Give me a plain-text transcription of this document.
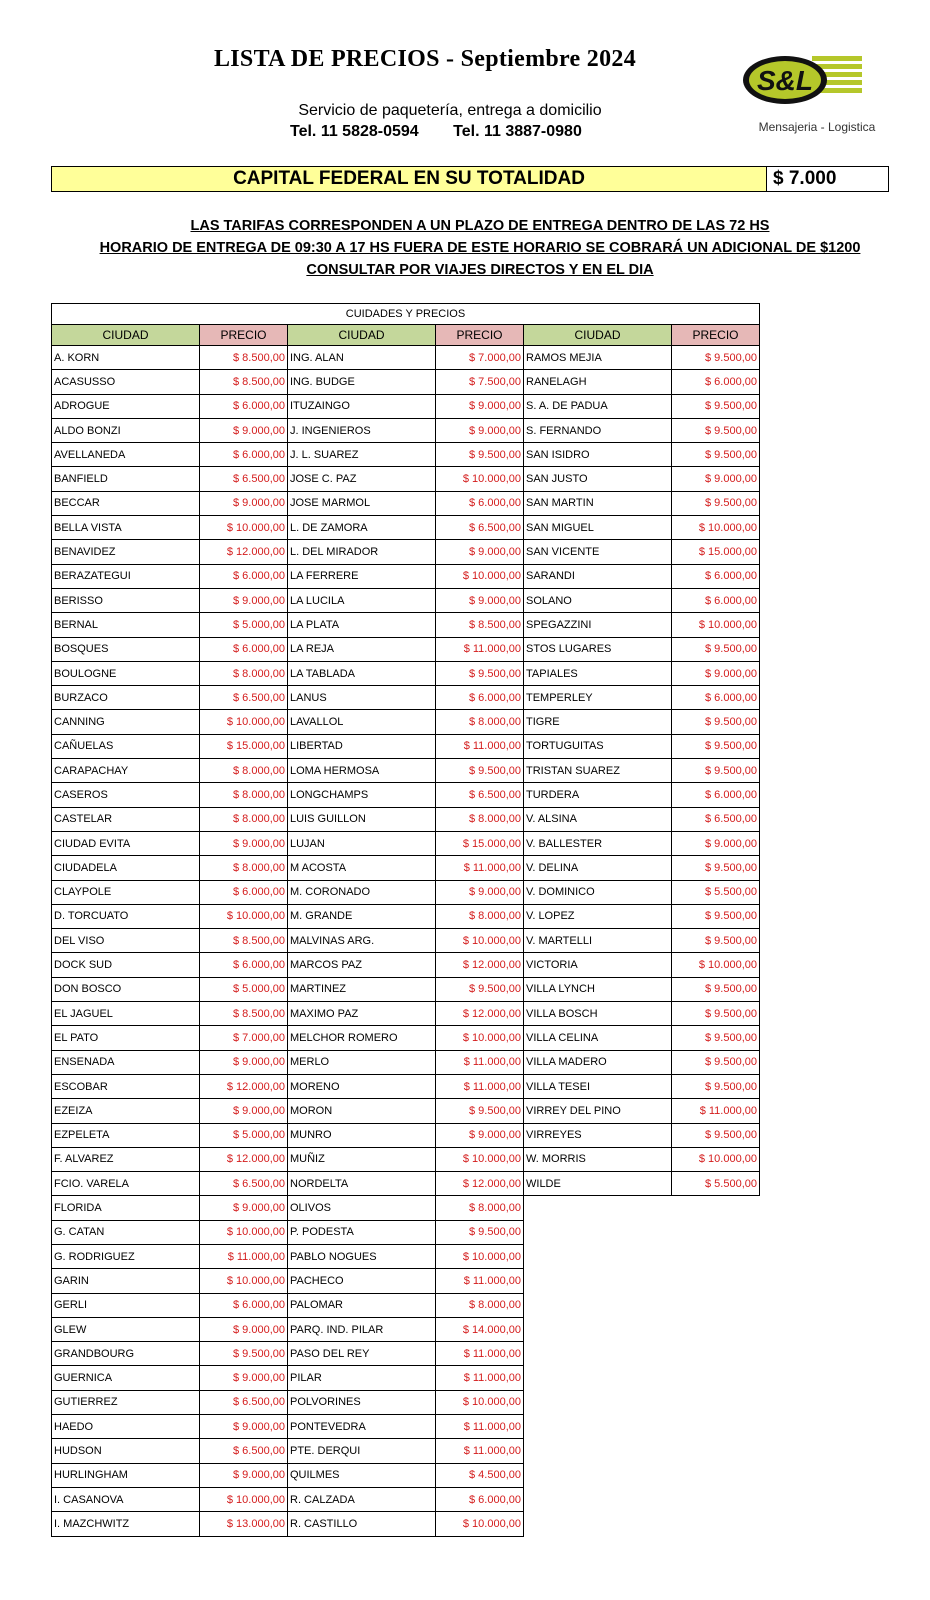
LISTA DE PRECIOS - Septiembre 2024
S&L
Mensajeria - Logistica
Servicio de paquetería, entrega a domicilio
Tel. 11 5828-0594 Tel. 11 3887-0980
CAPITAL FEDERAL EN SU TOTALIDAD	$ 7.000
LAS TARIFAS CORRESPONDEN A UN PLAZO DE ENTREGA DENTRO DE LAS 72 HS
HORARIO DE ENTREGA DE 09:30 A 17 HS FUERA DE ESTE HORARIO SE COBRARÁ UN ADICIONAL DE $1200
CONSULTAR POR VIAJES DIRECTOS Y EN EL DIA
CUIDADES Y PRECIOS					
CIUDAD	PRECIO	CIUDAD	PRECIO	CIUDAD	PRECIO
A. KORN	$ 8.500,00	ING. ALAN	$ 7.000,00	RAMOS MEJIA	$ 9.500,00
ACASUSSO	$ 8.500,00	ING. BUDGE	$ 7.500,00	RANELAGH	$ 6.000,00
ADROGUE	$ 6.000,00	ITUZAINGO	$ 9.000,00	S. A. DE PADUA	$ 9.500,00
ALDO BONZI	$ 9.000,00	J. INGENIEROS	$ 9.000,00	S. FERNANDO	$ 9.500,00
AVELLANEDA	$ 6.000,00	J. L. SUAREZ	$ 9.500,00	SAN ISIDRO	$ 9.500,00
BANFIELD	$ 6.500,00	JOSE C. PAZ	$ 10.000,00	SAN JUSTO	$ 9.000,00
BECCAR	$ 9.000,00	JOSE MARMOL	$ 6.000,00	SAN MARTIN	$ 9.500,00
BELLA VISTA	$ 10.000,00	L. DE ZAMORA	$ 6.500,00	SAN MIGUEL	$ 10.000,00
BENAVIDEZ	$ 12.000,00	L. DEL MIRADOR	$ 9.000,00	SAN VICENTE	$ 15.000,00
BERAZATEGUI	$ 6.000,00	LA FERRERE	$ 10.000,00	SARANDI	$ 6.000,00
BERISSO	$ 9.000,00	LA LUCILA	$ 9.000,00	SOLANO	$ 6.000,00
BERNAL	$ 5.000,00	LA PLATA	$ 8.500,00	SPEGAZZINI	$ 10.000,00
BOSQUES	$ 6.000,00	LA REJA	$ 11.000,00	STOS LUGARES	$ 9.500,00
BOULOGNE	$ 8.000,00	LA TABLADA	$ 9.500,00	TAPIALES	$ 9.000,00
BURZACO	$ 6.500,00	LANUS	$ 6.000,00	TEMPERLEY	$ 6.000,00
CANNING	$ 10.000,00	LAVALLOL	$ 8.000,00	TIGRE	$ 9.500,00
CAÑUELAS	$ 15.000,00	LIBERTAD	$ 11.000,00	TORTUGUITAS	$ 9.500,00
CARAPACHAY	$ 8.000,00	LOMA HERMOSA	$ 9.500,00	TRISTAN SUAREZ	$ 9.500,00
CASEROS	$ 8.000,00	LONGCHAMPS	$ 6.500,00	TURDERA	$ 6.000,00
CASTELAR	$ 8.000,00	LUIS GUILLON	$ 8.000,00	V. ALSINA	$ 6.500,00
CIUDAD EVITA	$ 9.000,00	LUJAN	$ 15.000,00	V. BALLESTER	$ 9.000,00
CIUDADELA	$ 8.000,00	M ACOSTA	$ 11.000,00	V. DELINA	$ 9.500,00
CLAYPOLE	$ 6.000,00	M. CORONADO	$ 9.000,00	V. DOMINICO	$ 5.500,00
D. TORCUATO	$ 10.000,00	M. GRANDE	$ 8.000,00	V. LOPEZ	$ 9.500,00
DEL VISO	$ 8.500,00	MALVINAS ARG.	$ 10.000,00	V. MARTELLI	$ 9.500,00
DOCK SUD	$ 6.000,00	MARCOS PAZ	$ 12.000,00	VICTORIA	$ 10.000,00
DON BOSCO	$ 5.000,00	MARTINEZ	$ 9.500,00	VILLA LYNCH	$ 9.500,00
EL JAGUEL	$ 8.500,00	MAXIMO PAZ	$ 12.000,00	VILLA BOSCH	$ 9.500,00
EL PATO	$ 7.000,00	MELCHOR ROMERO	$ 10.000,00	VILLA CELINA	$ 9.500,00
ENSENADA	$ 9.000,00	MERLO	$ 11.000,00	VILLA MADERO	$ 9.500,00
ESCOBAR	$ 12.000,00	MORENO	$ 11.000,00	VILLA TESEI	$ 9.500,00
EZEIZA	$ 9.000,00	MORON	$ 9.500,00	VIRREY DEL PINO	$ 11.000,00
EZPELETA	$ 5.000,00	MUNRO	$ 9.000,00	VIRREYES	$ 9.500,00
F. ALVAREZ	$ 12.000,00	MUÑIZ	$ 10.000,00	W. MORRIS	$ 10.000,00
FCIO. VARELA	$ 6.500,00	NORDELTA	$ 12.000,00	WILDE	$ 5.500,00
FLORIDA	$ 9.000,00	OLIVOS	$ 8.000,00		
G. CATAN	$ 10.000,00	P. PODESTA	$ 9.500,00		
G. RODRIGUEZ	$ 11.000,00	PABLO NOGUES	$ 10.000,00		
GARIN	$ 10.000,00	PACHECO	$ 11.000,00		
GERLI	$ 6.000,00	PALOMAR	$ 8.000,00		
GLEW	$ 9.000,00	PARQ. IND. PILAR	$ 14.000,00		
GRANDBOURG	$ 9.500,00	PASO DEL REY	$ 11.000,00		
GUERNICA	$ 9.000,00	PILAR	$ 11.000,00		
GUTIERREZ	$ 6.500,00	POLVORINES	$ 10.000,00		
HAEDO	$ 9.000,00	PONTEVEDRA	$ 11.000,00		
HUDSON	$ 6.500,00	PTE. DERQUI	$ 11.000,00		
HURLINGHAM	$ 9.000,00	QUILMES	$ 4.500,00		
I. CASANOVA	$ 10.000,00	R. CALZADA	$ 6.000,00		
I. MAZCHWITZ	$ 13.000,00	R. CASTILLO	$ 10.000,00		
